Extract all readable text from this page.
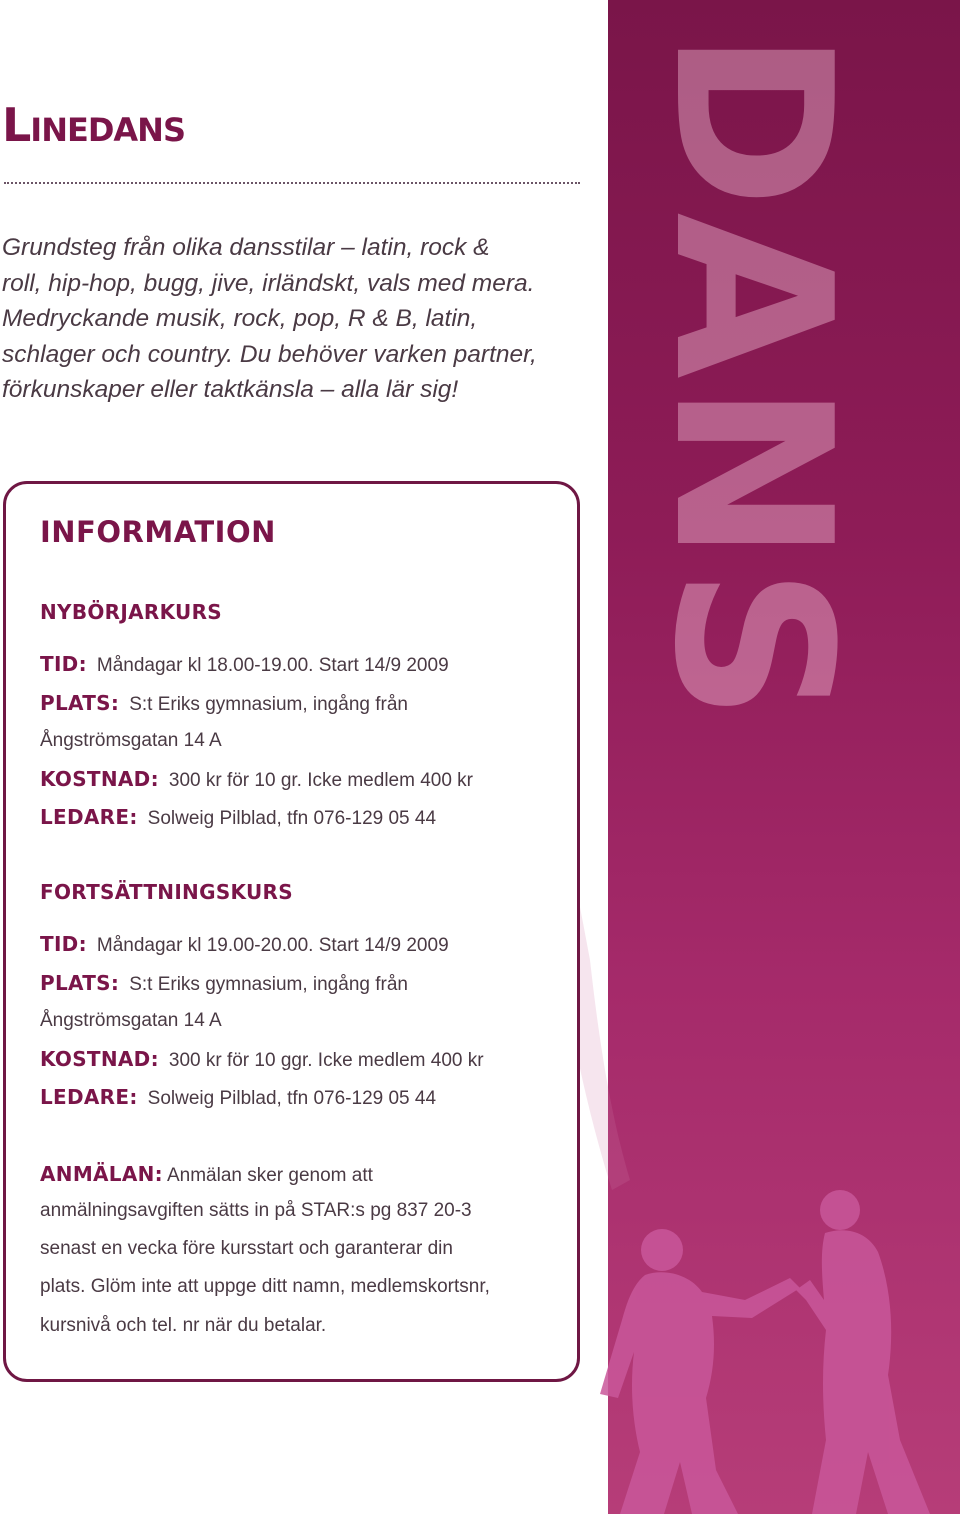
DANS
Linedans
Grundsteg från olika dansstilar – latin, rock &
roll, hip-hop, bugg, jive, irländskt, vals med mera.
Medryckande musik, rock, pop, R & B, latin,
schlager och country. Du behöver varken partner,
förkunskaper eller taktkänsla – alla lär sig!
INFORMATION
NYBÖRJARKURS
TID: Måndagar kl 18.00-19.00. Start 14/9 2009
PLATS: S:t Eriks gymnasium, ingång från
Ångströmsgatan 14 A
KOSTNAD: 300 kr för 10 gr. Icke medlem 400 kr
LEDARE: Solweig Pilblad, tfn 076-129 05 44
FORTSÄTTNINGSKURS
TID: Måndagar kl 19.00-20.00. Start 14/9 2009
PLATS: S:t Eriks gymnasium, ingång från
Ångströmsgatan 14 A
KOSTNAD: 300 kr för 10 ggr. Icke medlem 400 kr
LEDARE: Solweig Pilblad, tfn 076-129 05 44
ANMÄLAN: Anmälan sker genom att
anmälningsavgiften sätts in på STAR:s pg 837 20-3
senast en vecka före kursstart och garanterar din
plats. Glöm inte att uppge ditt namn, medlemskortsnr,
kursnivå och tel. nr när du betalar.
